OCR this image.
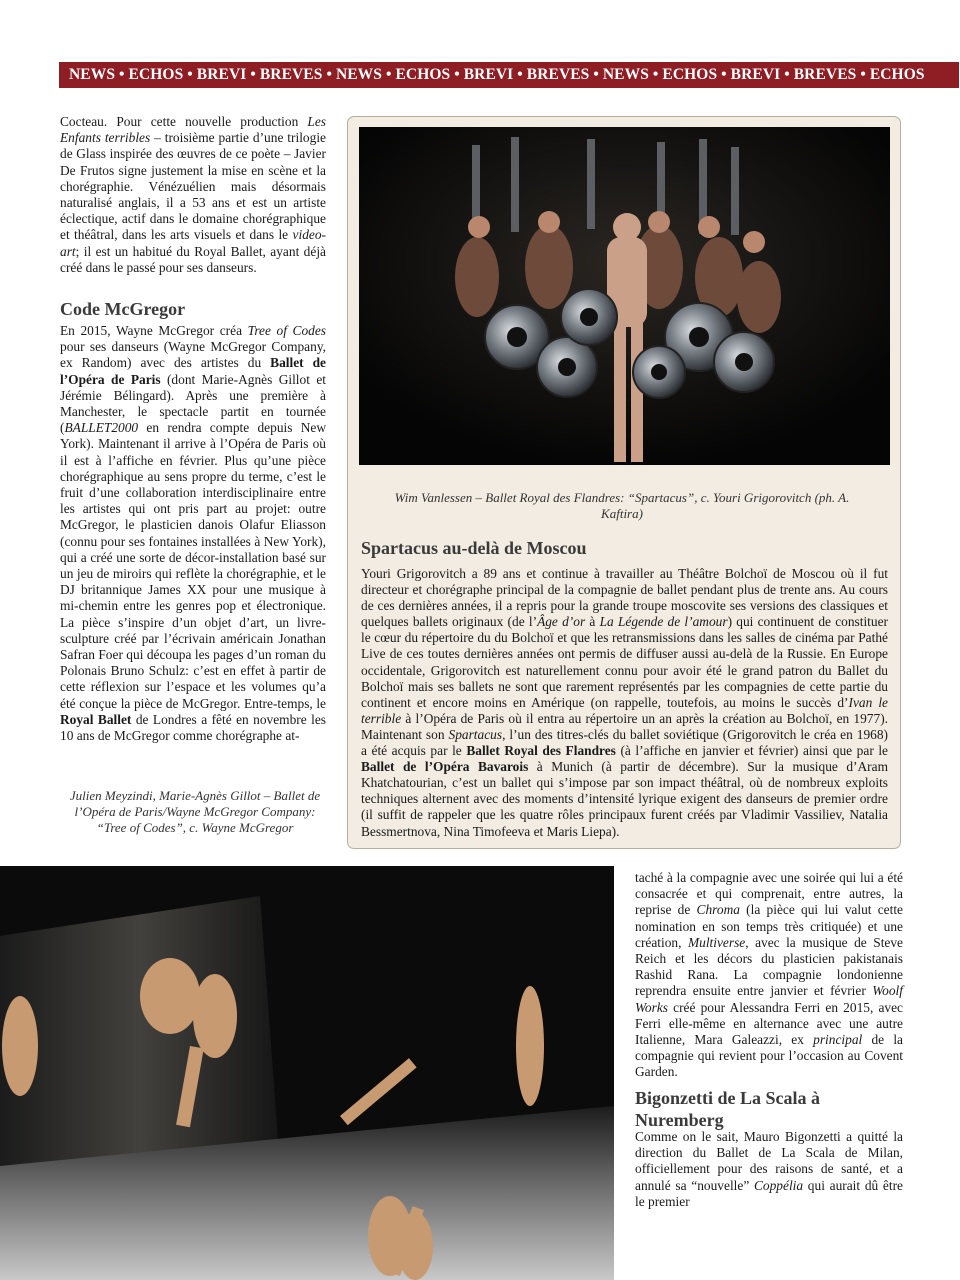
NEWS • ECHOS • BREVI • BREVES • NEWS • ECHOS • BREVI • BREVES • NEWS • ECHOS • BREVI • BREVES • ECHOS

Cocteau. Pour cette nouvelle production Les Enfants terribles – troisième partie d’une trilogie de Glass inspirée des œuvres de ce poète – Javier De Frutos signe justement la mise en scène et la chorégraphie. Vénézuélien mais désormais naturalisé anglais, il a 53 ans et est un artiste éclectique, actif dans le domaine chorégraphique et théâtral, dans les arts visuels et dans le video-art; il est un habitué du Royal Ballet, ayant déjà créé dans le passé pour ses danseurs.

Code McGregor

En 2015, Wayne McGregor créa Tree of Codes pour ses danseurs (Wayne McGregor Company, ex Random) avec des artistes du Ballet de l’Opéra de Paris (dont Marie-Agnès Gillot et Jérémie Bélingard). Après une première à Manchester, le spectacle partit en tournée (BALLET2000 en rendra compte depuis New York). Maintenant il arrive à l’Opéra de Paris où il est à l’affiche en février. Plus qu’une pièce chorégraphique au sens propre du terme, c’est le fruit d’une collaboration interdisciplinaire entre les artistes qui ont pris part au projet: outre McGregor, le plasticien danois Olafur Eliasson (connu pour ses fontaines installées à New York), qui a créé une sorte de décor-installation basé sur un jeu de miroirs qui reflète la chorégraphie, et le DJ britannique James XX pour une musique à mi-chemin entre les genres pop et électronique. La pièce s’inspire d’un objet d’art, un livre-sculpture créé par l’écrivain américain Jonathan Safran Foer qui découpa les pages d’un roman du Polonais Bruno Schulz: c’est en effet à partir de cette réflexion sur l’espace et les volumes qu’a été conçue la pièce de McGregor. Entre-temps, le Royal Ballet de Londres a fêté en novembre les 10 ans de McGregor comme chorégraphe at-

Julien Meyzindi, Marie-Agnès Gillot – Ballet de l’Opéra de Paris/Wayne McGregor Company: “Tree of Codes”, c. Wayne McGregor
Wim Vanlessen – Ballet Royal des Flandres: “Spartacus”, c. Youri Grigorovitch (ph. A. Kaftira)
Spartacus au-delà de Moscou

Youri Grigorovitch a 89 ans et continue à travailler au Théâtre Bolchoï de Moscou où il fut directeur et chorégraphe principal de la compagnie de ballet pendant plus de trente ans. Au cours de ces dernières années, il a repris pour la grande troupe moscovite ses versions des classiques et quelques ballets originaux (de l’Âge d’or à La Légende de l’amour) qui continuent de constituer le cœur du répertoire du du Bolchoï et que les retransmissions dans les salles de cinéma par Pathé Live de ces toutes dernières années ont permis de diffuser aussi au-delà de la Russie. En Europe occidentale, Grigorovitch est naturellement connu pour avoir été le grand patron du Ballet du Bolchoï mais ses ballets ne sont que rarement représentés par les compagnies de cette partie du continent et encore moins en Amérique (on rappelle, toutefois, au moins le succès d’Ivan le terrible à l’Opéra de Paris où il entra au répertoire un an après la création au Bolchoï, en 1977). Maintenant son Spartacus, l’un des titres-clés du ballet soviétique (Grigorovitch le créa en 1968) a été acquis par le Ballet Royal des Flandres (à l’affiche en janvier et février) ainsi que par le Ballet de l’Opéra Bavarois à Munich (à partir de décembre). Sur la musique d’Aram Khatchatourian, c’est un ballet qui s’impose par son impact théâtral, où de nombreux exploits techniques alternent avec des moments d’intensité lyrique exigent des danseurs de premier ordre (il suffit de rappeler que les quatre rôles principaux furent créés par Vladimir Vassiliev, Natalia Bessmertnova, Nina Timofeeva et Maris Liepa).

taché à la compagnie avec une soirée qui lui a été consacrée et qui comprenait, entre autres, la reprise de Chroma (la pièce qui lui valut cette nomination en son temps très critiquée) et une création, Multiverse, avec la musique de Steve Reich et les décors du plasticien pakistanais Rashid Rana. La compagnie londonienne reprendra ensuite entre janvier et février Woolf Works créé pour Alessandra Ferri en 2015, avec Ferri elle-même en alternance avec une autre Italienne, Mara Galeazzi, ex principal de la compagnie qui revient pour l’occasion au Covent Garden.

Bigonzetti de La Scala à Nuremberg

Comme on le sait, Mauro Bigonzetti a quitté la direction du Ballet de La Scala de Milan, officiellement pour des raisons de santé, et a annulé sa “nouvelle” Coppélia qui aurait dû être le premier
